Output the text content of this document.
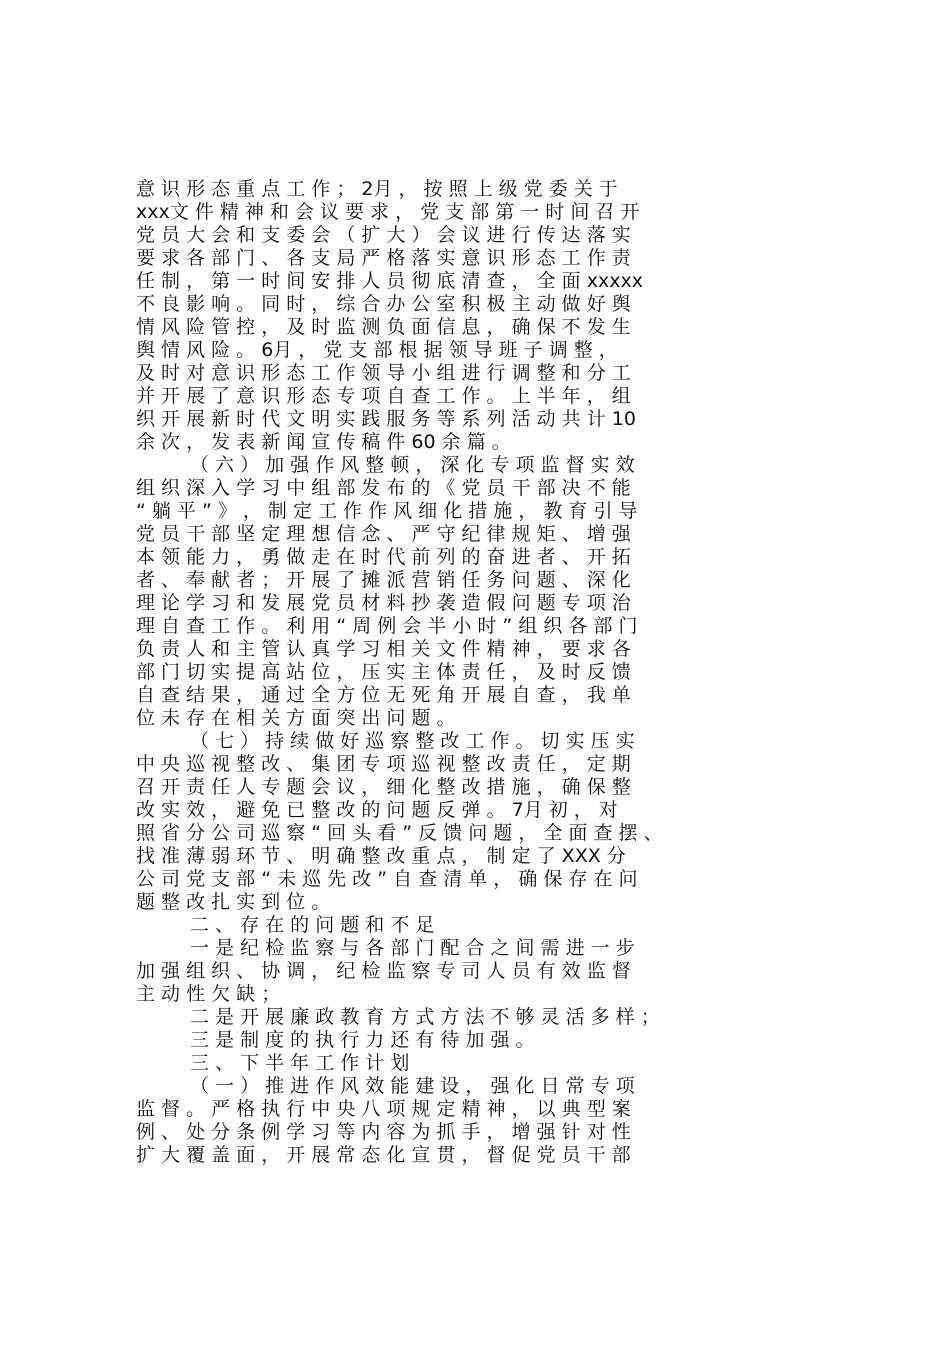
意 识 形 态 重 点 工 作 ； 2月 ， 按 照 上 级 党 委 关 于
xxx文 件 精 神 和 会 议 要 求 ， 党 支 部 第 一 时 间 召 开
党 员 大 会 和 支 委 会 （ 扩 大 ） 会 议 进 行 传 达 落 实
要 求 各 部 门 、 各 支 局 严 格 落 实 意 识 形 态 工 作 责
任 制 ， 第 一 时 间 安 排 人 员 彻 底 清 查 ， 全 面 xxxxx
不 良 影 响 。 同 时 ， 综 合 办 公 室 积 极 主 动 做 好 舆
情 风 险 管 控 ， 及 时 监 测 负 面 信 息 ， 确 保 不 发 生
舆 情 风 险 。 6月 ， 党 支 部 根 据 领 导 班 子 调 整 ，
及 时 对 意 识 形 态 工 作 领 导 小 组 进 行 调 整 和 分 工
并 开 展 了 意 识 形 态 专 项 自 查 工 作 。 上 半 年 ， 组
织 开 展 新 时 代 文 明 实 践 服 务 等 系 列 活 动 共 计 10
余 次 ， 发 表 新 闻 宣 传 稿 件 60 余 篇 。
（ 六 ） 加 强 作 风 整 顿 ， 深 化 专 项 监 督 实 效
组 织 深 入 学 习 中 组 部 发 布 的 《 党 员 干 部 决 不 能
“ 躺 平 ” 》 ， 制 定 工 作 作 风 细 化 措 施 ， 教 育 引 导
党 员 干 部 坚 定 理 想 信 念 、 严 守 纪 律 规 矩 、 增 强
本 领 能 力 ， 勇 做 走 在 时 代 前 列 的 奋 进 者 、 开 拓
者 、 奉 献 者 ； 开 展 了 摊 派 营 销 任 务 问 题 、 深 化
理 论 学 习 和 发 展 党 员 材 料 抄 袭 造 假 问 题 专 项 治
理 自 查 工 作 。 利 用 “ 周 例 会 半 小 时 ” 组 织 各 部 门
负 责 人 和 主 管 认 真 学 习 相 关 文 件 精 神 ， 要 求 各
部 门 切 实 提 高 站 位 ， 压 实 主 体 责 任 ， 及 时 反 馈
自 查 结 果 ， 通 过 全 方 位 无 死 角 开 展 自 查 ， 我 单
位 未 存 在 相 关 方 面 突 出 问 题 。
（ 七 ） 持 续 做 好 巡 察 整 改 工 作 。 切 实 压 实
中 央 巡 视 整 改 、 集 团 专 项 巡 视 整 改 责 任 ， 定 期
召 开 责 任 人 专 题 会 议 ， 细 化 整 改 措 施 ， 确 保 整
改 实 效 ， 避 免 已 整 改 的 问 题 反 弹 。 7月 初 ， 对
照 省 分 公 司 巡 察 “ 回 头 看 ” 反 馈 问 题 ， 全 面 查 摆 、
找 准 薄 弱 环 节 、 明 确 整 改 重 点 ， 制 定 了 XXX 分
公 司 党 支 部 “ 未 巡 先 改 ” 自 查 清 单 ， 确 保 存 在 问
题 整 改 扎 实 到 位 。
二 、 存 在 的 问 题 和 不 足
一 是 纪 检 监 察 与 各 部 门 配 合 之 间 需 进 一 步
加 强 组 织 、 协 调 ， 纪 检 监 察 专 司 人 员 有 效 监 督
主 动 性 欠 缺 ；
二 是 开 展 廉 政 教 育 方 式 方 法 不 够 灵 活 多 样 ；
三 是 制 度 的 执 行 力 还 有 待 加 强 。
三 、 下 半 年 工 作 计 划
（ 一 ） 推 进 作 风 效 能 建 设 ， 强 化 日 常 专 项
监 督 。 严 格 执 行 中 央 八 项 规 定 精 神 ， 以 典 型 案
例 、 处 分 条 例 学 习 等 内 容 为 抓 手 ， 增 强 针 对 性
扩 大 覆 盖 面 ， 开 展 常 态 化 宣 贯 ， 督 促 党 员 干 部
